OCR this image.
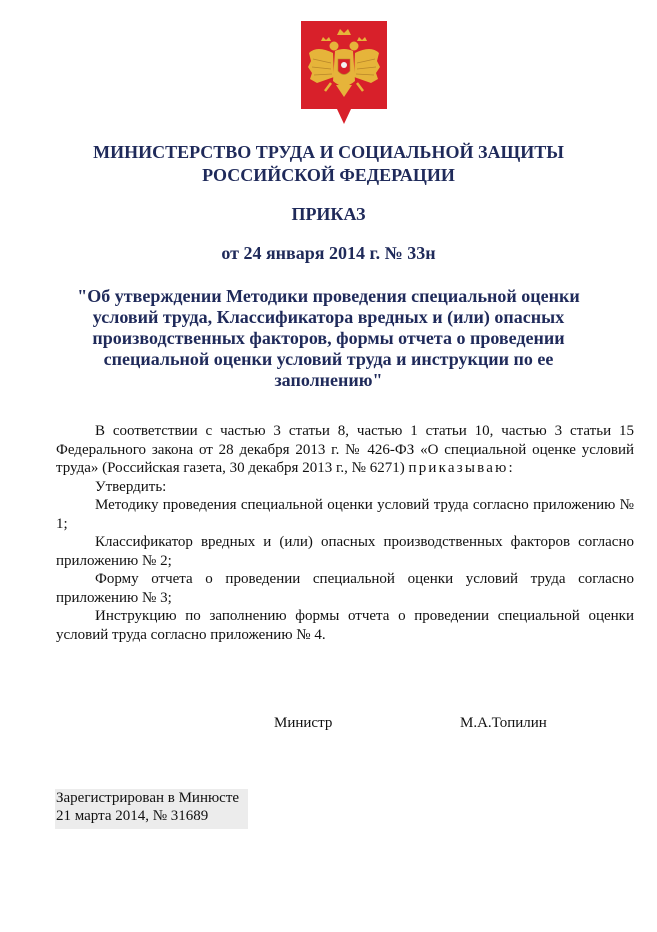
МИНИСТЕРСТВО ТРУДА И СОЦИАЛЬНОЙ ЗАЩИТЫ
РОССИЙСКОЙ ФЕДЕРАЦИИ
ПРИКАЗ
от 24 января 2014 г. № 33н
"Об утверждении Методики проведения специальной оценки
условий труда, Классификатора вредных и (или) опасных
производственных факторов, формы отчета о проведении
специальной оценки условий труда и инструкции по ее
заполнению"

В соответствии с частью 3 статьи 8, частью 1 статьи 10, частью 3 статьи 15 Федерального закона от 28 декабря 2013 г. № 426-ФЗ «О специальной оценке условий труда» (Российская газета, 30 декабря 2013 г., № 6271) приказываю:

Утвердить:

Методику проведения специальной оценки условий труда согласно приложению № 1;

Классификатор вредных и (или) опасных производственных факторов согласно приложению № 2;

Форму отчета о проведении специальной оценки условий труда согласно приложению № 3;

Инструкцию по заполнению формы отчета о проведении специальной оценки условий труда согласно приложению № 4.

Министр	М.А.Топилин
Зарегистрирован в Минюсте
21 марта 2014, № 31689
